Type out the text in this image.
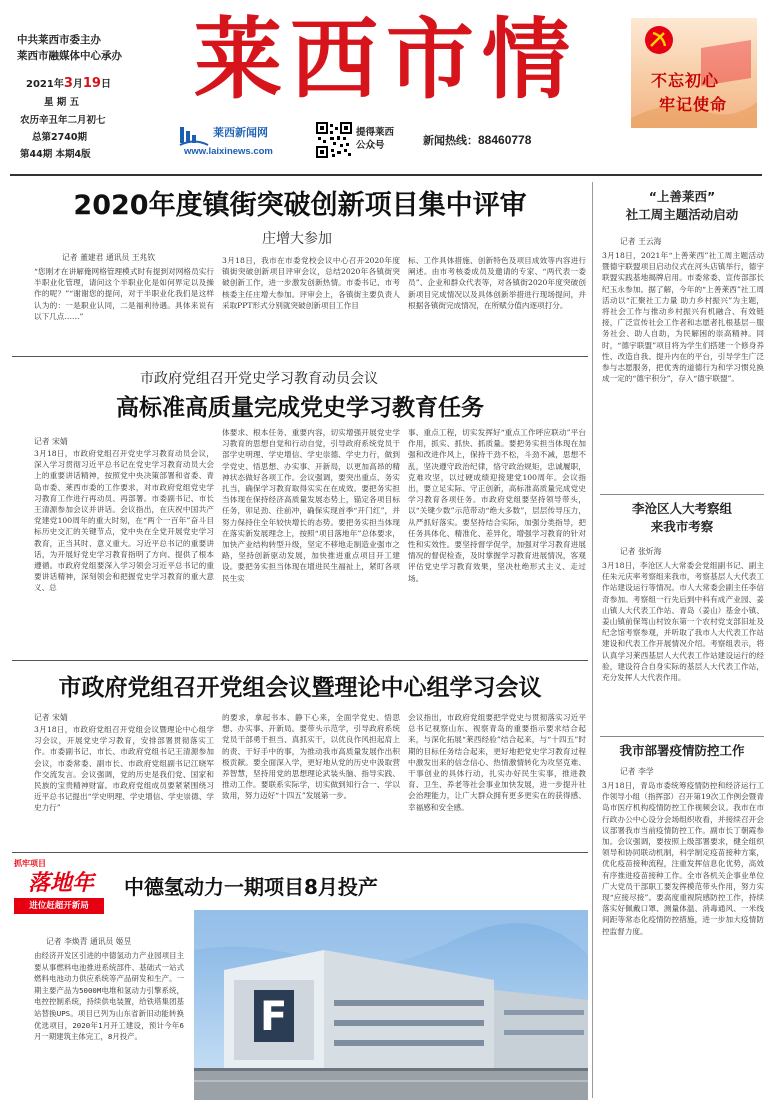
中共莱西市委主办
莱西市融媒体中心承办
2021年3月19日
星 期 五
农历辛丑年二月初七
总第2740期
第44期 本期4版
莱西市情
莱西新闻网
www.laixinews.com
提得莱西
公众号	新闻热线：88460778
不忘初心
牢记使命
2020年度镇街突破创新项目集中评审
庄增大参加
记者 董建君 通讯员 王兆钦
“您刚才在讲解俺网格管理模式时有提到对网格员实行半职业化管理，请问这个半职业化是如何界定以及操作的呢？”“谢谢您的提问，对于半职业化我们是这样认为的：一是职业认同，二是福利待遇。具体来说有以下几点……”
3月18日，我市在市委党校会议中心召开2020年度镇街突破创新项目评审会议，总结2020年各镇街突破创新工作，进一步激发创新热情。市委书记、市考核委主任庄增大参加。评审会上，各镇街主要负责人采取PPT形式分别就突破创新项目工作目
标、工作具体措施、创新特色及项目成效等内容进行阐述。由市考核委成员及邀请的专家、“两代表一委员”、企业和群众代表等，对各镇街2020年度突破创新项目完成情况以及具体创新举措进行现场提问，并根据各镇街完成情况，在所赋分值内逐项打分。
市政府党组召开党史学习教育动员会议
高标准高质量完成党史学习教育任务
记者 宋婧
3月18日，市政府党组召开党史学习教育动员会议，深入学习贯彻习近平总书记在党史学习教育动员大会上的重要讲话精神，按照党中央决策部署和省委、青岛市委、莱西市委的工作要求，对市政府党组党史学习教育工作进行再动员、再部署。市委副书记、市长王清源参加会议并讲话。会议指出，在庆祝中国共产党建党100周年的重大时刻，在“两个一百年”奋斗目标历史交汇的关键节点，党中央在全党开展党史学习教育，正当其时、意义重大。习近平总书记的重要讲话，为开展好党史学习教育指明了方向、提供了根本遵循。市政府党组要深入学习领会习近平总书记的重要讲话精神，深刻领会和把握党史学习教育的重大意义、总
体要求、根本任务、重要内容，切实增强开展党史学习教育的思想自觉和行动自觉，引导政府系统党员干部学史明理、学史增信、学史崇德、学史力行，做到学党史、悟思想、办实事、开新局，以更加高昂的精神状态做好各项工作。会议强调，要突出重点、务实扎当，确保学习教育取得实实在在成效。要把务实担当体现在保持经济高质量发展态势上，锚定各项目标任务，卯足劲、往前冲，确保实现首季“开门红”，并努力保持住全年较快增长的态势。要把务实担当体现在落实新发展理念上，按照“项目落地年”总体要求，加快产业结构转型升级，坚定不移地走制造业强市之路，坚持创新驱动发展，加快推进重点项目开工建设。要把务实担当体现在增进民生福祉上，紧盯各项民生实
事、重点工程，切实发挥好“重点工作呼应联动”平台作用，抓实、抓快、抓质量。要把务实担当体现在加强和改进作风上，保持干劲不松，斗劲不减，思想不乱，坚决遵守政治纪律，恪守政治规矩，忠诚履职，克难攻坚，以过硬成绩迎接建党100周年。会议指出，要立足实际、守正创新，高标准高质量完成党史学习教育各项任务。市政府党组要坚持领导带头，以“关键少数”示范带动“绝大多数”，层层传导压力，从严抓好落实。要坚持结合实际，加强分类指导，把任务具体化、精准化、差异化，增强学习教育的针对性和实效性。要坚持督学促学，加强对学习教育进展情况的督促检查，及时掌握学习教育进展情况，客观评估党史学习教育效果，坚决杜绝形式主义、走过场。
市政府党组召开党组会议暨理论中心组学习会议
记者 宋婧
3月18日，市政府党组召开党组会议暨理论中心组学习会议，开展党史学习教育，安排部署贯彻落实工作。市委副书记、市长、市政府党组书记王清源参加会议，市委常委、副市长、市政府党组副书记江晓军作交流发言。会议强调，党的历史是我们党、国家和民族的宝贵精神财富。市政府党组成员要紧紧围绕习近平总书记提出“学史明理、学史增信、学史崇德、学史力行”
的要求，拿起书本、静下心来，全面学党史、悟思想、办实事、开新局。要带头示范学，引导政府系统党员干部勇于担当、真抓实干，以优良作风担起肩上的责、干好手中的事，为推动我市高质量发展作出积极贡献。要全面深入学，更好地从党的历史中汲取营养智慧，坚持用党的思想理论武装头脑、指导实践、推动工作。要联系实际学，切实做到知行合一、学以致用，努力迈好“十四五”发展第一步。
会议指出，市政府党组要把学党史与贯彻落实习近平总书记视察山东、视察青岛的重要指示要求结合起来，与深化拓展“莱西经验”结合起来，与“十四五”时期的目标任务结合起来，更好地把党史学习教育过程中激发出来的信念信心、热情激情转化为攻坚克难、干事创业的具体行动，扎实办好民生实事，推进教育、卫生、养老等社会事业加快发展，进一步提升社会治理能力，让广大群众拥有更多更实在的获得感、幸福感和安全感。
抓牢项目
落地年
进位赶超开新局
中德氢动力一期项目8月投产
记者 李焕青 通讯员 姬昱
由经济开发区引进的中德氢动力产业园项目主要从事燃料电池推进系统部件、基础式一站式燃料电池动力供应系统等产品研发和生产。一期主要产品为5000M电堆和氢动力引擎系统，电控控制系统，持续供电装置，给铁塔集团基站替换UPS。项目已列为山东省新旧动能转换优选项目，2020年1月开工建设，预计今年6月一期建筑主体完工，8月投产。	F
“上善莱西”
社工周主题活动启动
记者 王云海
3月18日，2021年“上善莱西”社工周主题活动暨德宇联盟项目启动仪式在河头店镇举行，德宇联盟实践基地揭牌启用。市委常委、宣传部部长纪玉永参加。据了解，今年的“上善莱西”社工周活动以“汇聚社工力量 助力乡村振兴”为主题，将社会工作与推动乡村振兴有机融合、有效链接，广泛宣传社会工作者和志愿者扎根基层－服务社会、助人自助，为民解困的崇高精神。同时，“德宇联盟”项目将为学生们搭建一个修身养性、改造自我、提升内在的平台，引导学生广泛参与志愿服务，把优秀的道德行为和学习惯兑换成一定的“德宇积分”，存入“德宇联盟”。
李沧区人大考察组
来我市考察
记者 张炘海
3月18日，李沧区人大常委会党组副书记、副主任朱元庆率考察组来我市，考察基层人大代表工作站建设运行等情况。市人大常委会副主任李信奇参加。考察组一行先后到中科有成产业园、姜山镇人大代表工作站、青岛（姜山）基金小镇、姜山镇前保驾山村饺东第一个农村党支部旧址及纪念馆考察参观，并听取了我市人大代表工作站建设和代表工作开展情况介绍。考察组表示，将认真学习莱西基层人大代表工作站建设运行的经验，建设符合自身实际的基层人大代表工作站，充分发挥人大代表作用。
我市部署疫情防控工作
记者 李学
3月18日，青岛市委统筹疫情防控和经济运行工作领导小组（指挥部）召开第19次工作例会暨青岛市医疗机构疫情防控工作视频会议。我市在市行政办公中心设分会场组织收看，并接续召开会议部署我市当前疫情防控工作。副市长丁朝霞参加。会议强调，要按照上级部署要求，健全组织领导和协同联动机制，科学制定疫苗接种方案，优化疫苗接种流程，注重发挥信息化优势，高效有序推进疫苗接种工作。全市各机关企事业单位广大党员干部职工要发挥模范带头作用，努力实现“应接尽接”。要高度重视院感防控工作，持续落实好佩戴口罩、测量体温、消毒通风、一米线间距等常态化疫情防控措施，进一步加大疫情防控监督力度。
